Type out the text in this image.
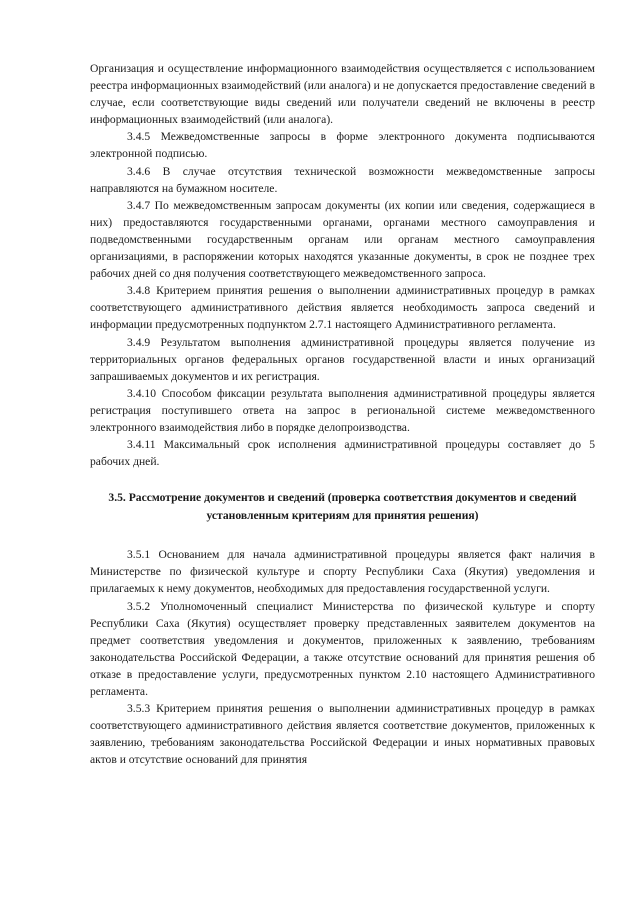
Организация и осуществление информационного взаимодействия осуществляется с использованием реестра информационных взаимодействий (или аналога) и не допускается предоставление сведений в случае, если соответствующие виды сведений или получатели сведений не включены в реестр информационных взаимодействий (или аналога).

3.4.5 Межведомственные запросы в форме электронного документа подписываются электронной подписью.

3.4.6 В случае отсутствия технической возможности межведомственные запросы направляются на бумажном носителе.

3.4.7 По межведомственным запросам документы (их копии или сведения, содержащиеся в них) предоставляются государственными органами, органами местного самоуправления и подведомственными государственным органам или органам местного самоуправления организациями, в распоряжении которых находятся указанные документы, в срок не позднее трех рабочих дней со дня получения соответствующего межведомственного запроса.

3.4.8 Критерием принятия решения о выполнении административных процедур в рамках соответствующего административного действия является необходимость запроса сведений и информации предусмотренных подпунктом 2.7.1 настоящего Административного регламента.

3.4.9 Результатом выполнения административной процедуры является получение из территориальных органов федеральных органов государственной власти и иных организаций запрашиваемых документов и их регистрация.

3.4.10 Способом фиксации результата выполнения административной процедуры является регистрация поступившего ответа на запрос в региональной системе межведомственного электронного взаимодействия либо в порядке делопроизводства.

3.4.11 Максимальный срок исполнения административной процедуры составляет до 5 рабочих дней.

3.5. Рассмотрение документов и сведений (проверка соответствия документов и сведений установленным критериям для принятия решения)

3.5.1 Основанием для начала административной процедуры является факт наличия в Министерстве по физической культуре и спорту Республики Саха (Якутия) уведомления и прилагаемых к нему документов, необходимых для предоставления государственной услуги.

3.5.2 Уполномоченный специалист Министерства по физической культуре и спорту Республики Саха (Якутия) осуществляет проверку представленных заявителем документов на предмет соответствия уведомления и документов, приложенных к заявлению, требованиям законодательства Российской Федерации, а также отсутствие оснований для принятия решения об отказе в предоставление услуги, предусмотренных пунктом 2.10 настоящего Административного регламента.

3.5.3 Критерием принятия решения о выполнении административных процедур в рамках соответствующего административного действия является соответствие документов, приложенных к заявлению, требованиям законодательства Российской Федерации и иных нормативных правовых актов и отсутствие оснований для принятия
